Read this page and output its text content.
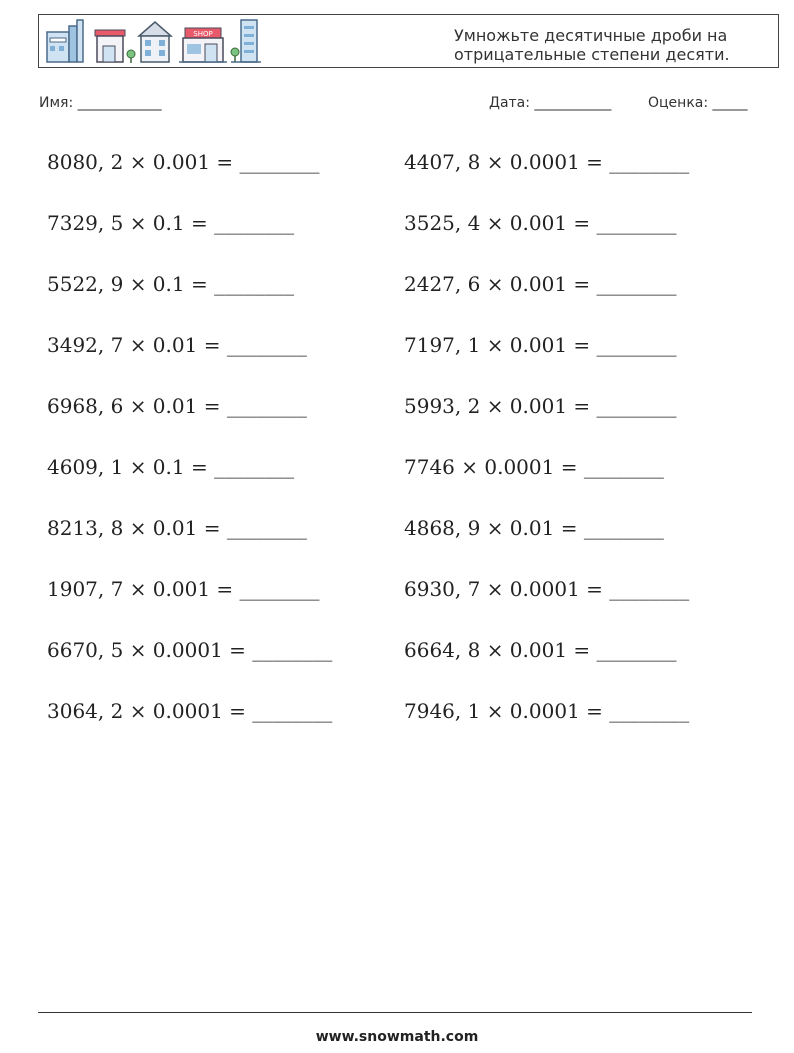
SHOP	Умножьте десятичные дроби на
отрицательные степени десяти.
Имя: ____________	Дата: ___________	Оценка: _____
8080, 2 × 0.001 = ________
7329, 5 × 0.1 = ________
5522, 9 × 0.1 = ________
3492, 7 × 0.01 = ________
6968, 6 × 0.01 = ________
4609, 1 × 0.1 = ________
8213, 8 × 0.01 = ________
1907, 7 × 0.001 = ________
6670, 5 × 0.0001 = ________
3064, 2 × 0.0001 = ________
4407, 8 × 0.0001 = ________
3525, 4 × 0.001 = ________
2427, 6 × 0.001 = ________
7197, 1 × 0.001 = ________
5993, 2 × 0.001 = ________
7746 × 0.0001 = ________
4868, 9 × 0.01 = ________
6930, 7 × 0.0001 = ________
6664, 8 × 0.001 = ________
7946, 1 × 0.0001 = ________
www.snowmath.com
